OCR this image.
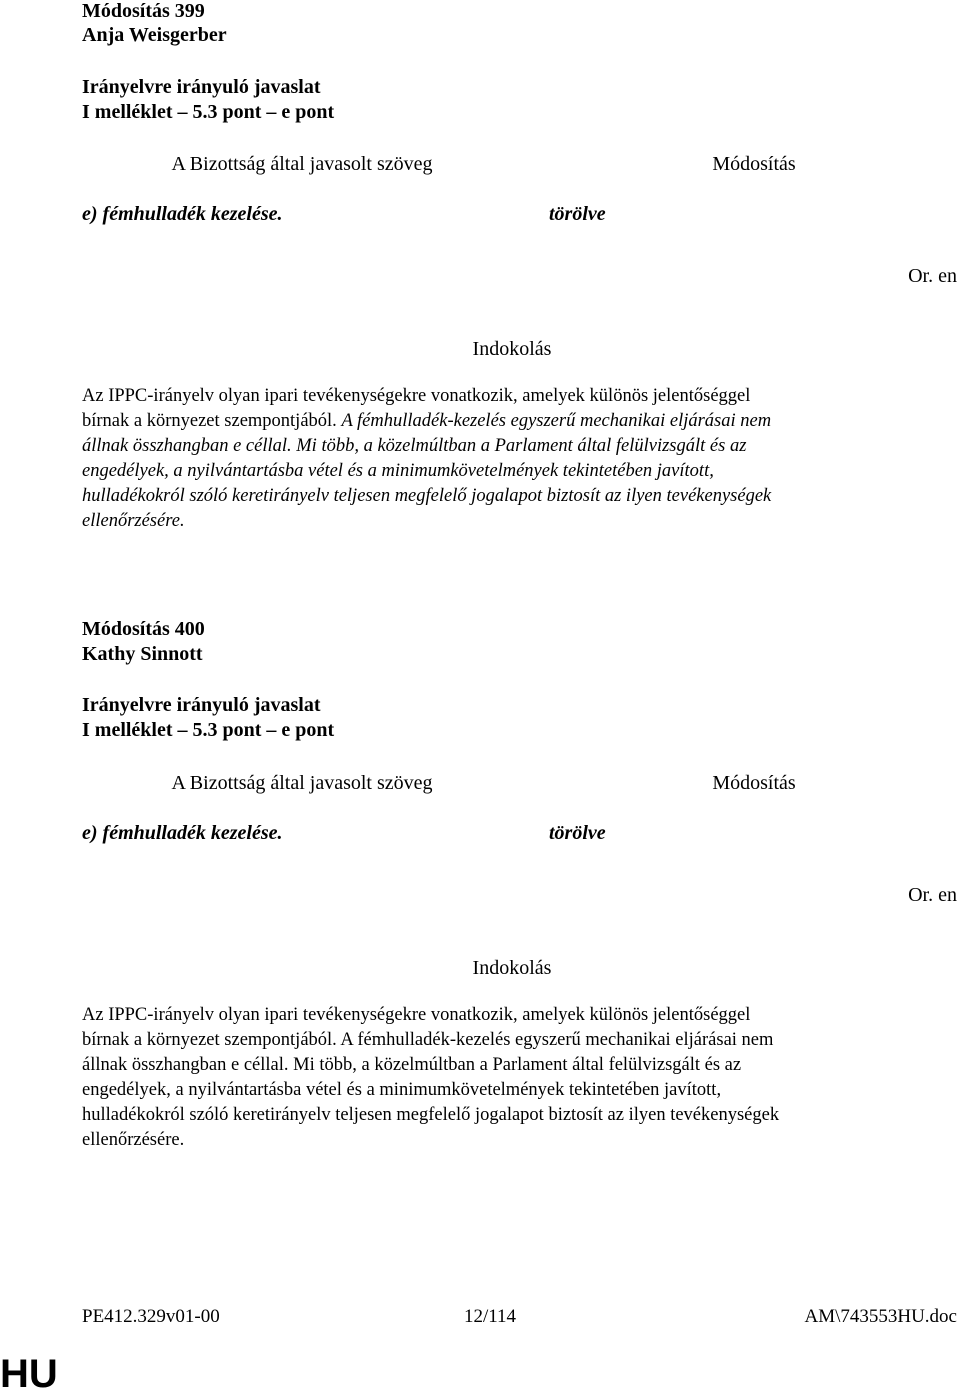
Módosítás 399
Anja Weisgerber
Irányelvre irányuló javaslat
I melléklet – 5.3 pont – e pont
A Bizottság által javasolt szöveg	Módosítás
e) fémhulladék kezelése.	törölve
Or. en
Indokolás
Az IPPC-irányelv olyan ipari tevékenységekre vonatkozik, amelyek különös jelentőséggel
bírnak a környezet szempontjából. A fémhulladék-kezelés egyszerű mechanikai eljárásai nem
állnak összhangban e céllal. Mi több, a közelmúltban a Parlament által felülvizsgált és az
engedélyek, a nyilvántartásba vétel és a minimumkövetelmények tekintetében javított,
hulladékokról szóló keretirányelv teljesen megfelelő jogalapot biztosít az ilyen tevékenységek
ellenőrzésére.
Módosítás 400
Kathy Sinnott
Irányelvre irányuló javaslat
I melléklet – 5.3 pont – e pont
A Bizottság által javasolt szöveg	Módosítás
e) fémhulladék kezelése.	törölve
Or. en
Indokolás
Az IPPC-irányelv olyan ipari tevékenységekre vonatkozik, amelyek különös jelentőséggel
bírnak a környezet szempontjából. A fémhulladék-kezelés egyszerű mechanikai eljárásai nem
állnak összhangban e céllal. Mi több, a közelmúltban a Parlament által felülvizsgált és az
engedélyek, a nyilvántartásba vétel és a minimumkövetelmények tekintetében javított,
hulladékokról szóló keretirányelv teljesen megfelelő jogalapot biztosít az ilyen tevékenységek
ellenőrzésére.
PE412.329v01-00	12/114	AM\743553HU.doc
HU
